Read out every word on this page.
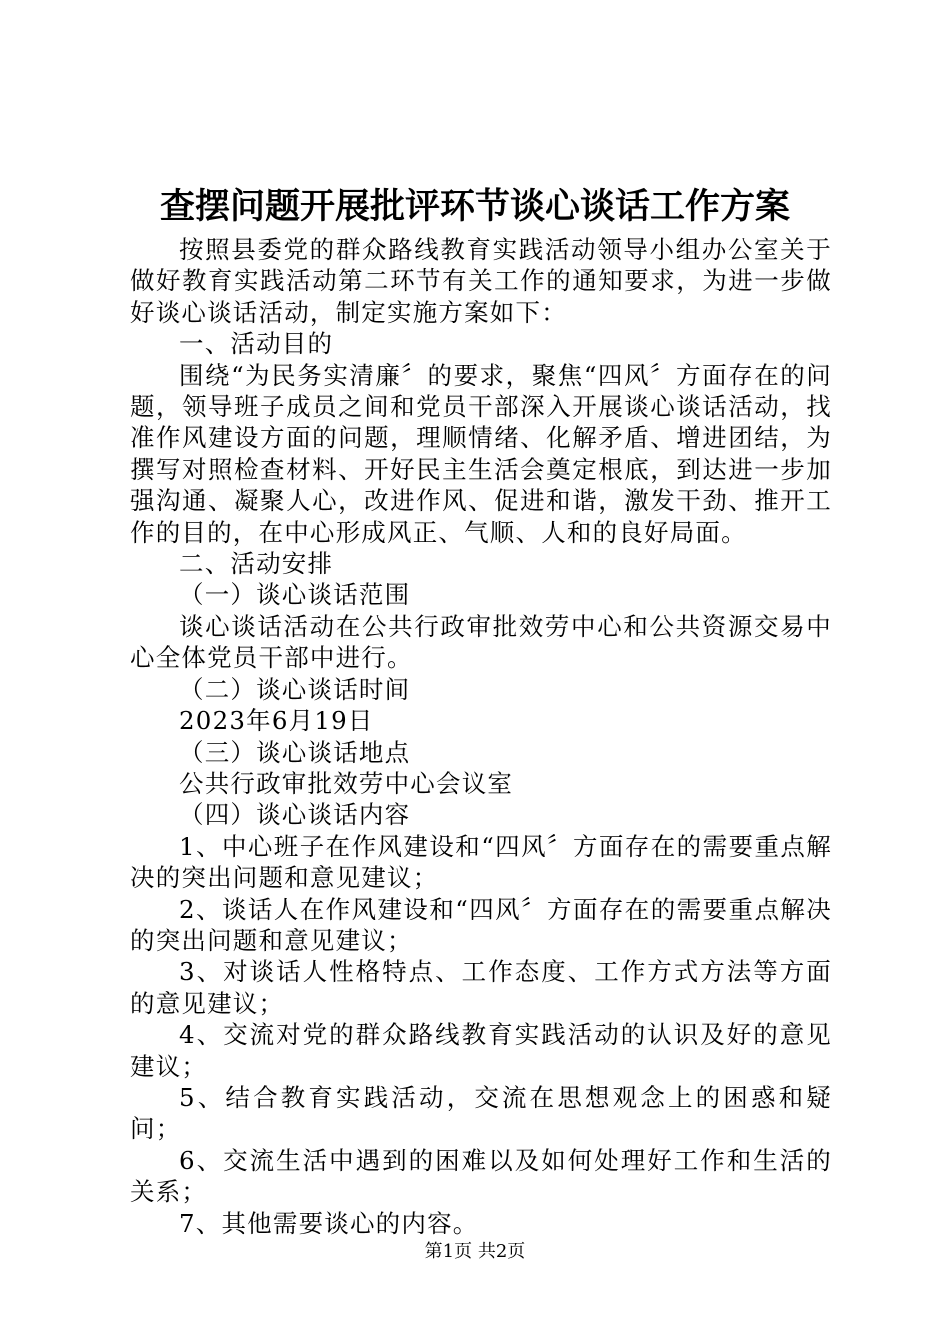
查摆问题开展批评环节谈心谈话工作方案

按照县委党的群众路线教育实践活动领导小组办公室关于做好教育实践活动第二环节有关工作的通知要求，为进一步做好谈心谈话活动，制定实施方案如下：

一、活动目的

围绕“为民务实清廉〞的要求，聚焦“四风〞方面存在的问题，领导班子成员之间和党员干部深入开展谈心谈话活动，找准作风建设方面的问题，理顺情绪、化解矛盾、增进团结，为撰写对照检查材料、开好民主生活会奠定根底，到达进一步加强沟通、凝聚人心，改进作风、促进和谐，激发干劲、推开工作的目的，在中心形成风正、气顺、人和的良好局面。

二、活动安排

（一）谈心谈话范围

谈心谈话活动在公共行政审批效劳中心和公共资源交易中心全体党员干部中进行。

（二）谈心谈话时间

2023年6月19日

（三）谈心谈话地点

公共行政审批效劳中心会议室

（四）谈心谈话内容

1、中心班子在作风建设和“四风〞方面存在的需要重点解决的突出问题和意见建议；

2、谈话人在作风建设和“四风〞方面存在的需要重点解决的突出问题和意见建议；

3、对谈话人性格特点、工作态度、工作方式方法等方面的意见建议；

4、交流对党的群众路线教育实践活动的认识及好的意见建议；

5、结合教育实践活动，交流在思想观念上的困惑和疑问；

6、交流生活中遇到的困难以及如何处理好工作和生活的关系；

7、其他需要谈心的内容。

第1页 共2页
